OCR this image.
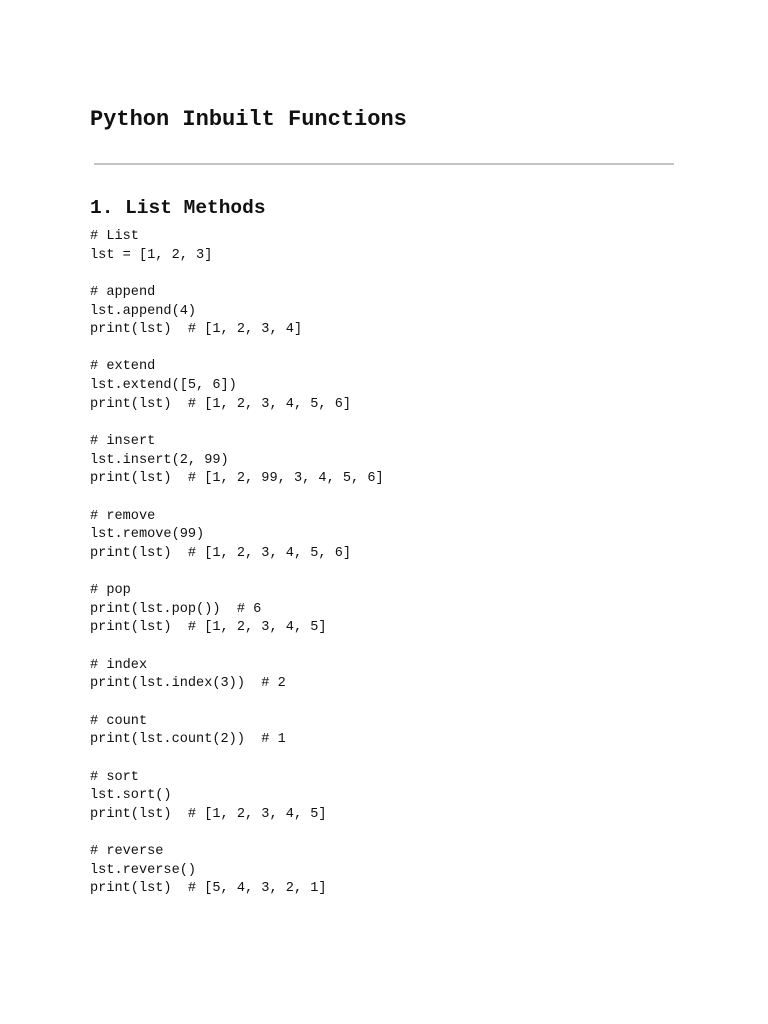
Python Inbuilt Functions
1. List Methods
# List
lst = [1, 2, 3]
# append
lst.append(4)
print(lst)  # [1, 2, 3, 4]
# extend
lst.extend([5, 6])
print(lst)  # [1, 2, 3, 4, 5, 6]
# insert
lst.insert(2, 99)
print(lst)  # [1, 2, 99, 3, 4, 5, 6]
# remove
lst.remove(99)
print(lst)  # [1, 2, 3, 4, 5, 6]
# pop
print(lst.pop())  # 6
print(lst)  # [1, 2, 3, 4, 5]
# index
print(lst.index(3))  # 2
# count
print(lst.count(2))  # 1
# sort
lst.sort()
print(lst)  # [1, 2, 3, 4, 5]
# reverse
lst.reverse()
print(lst)  # [5, 4, 3, 2, 1]
